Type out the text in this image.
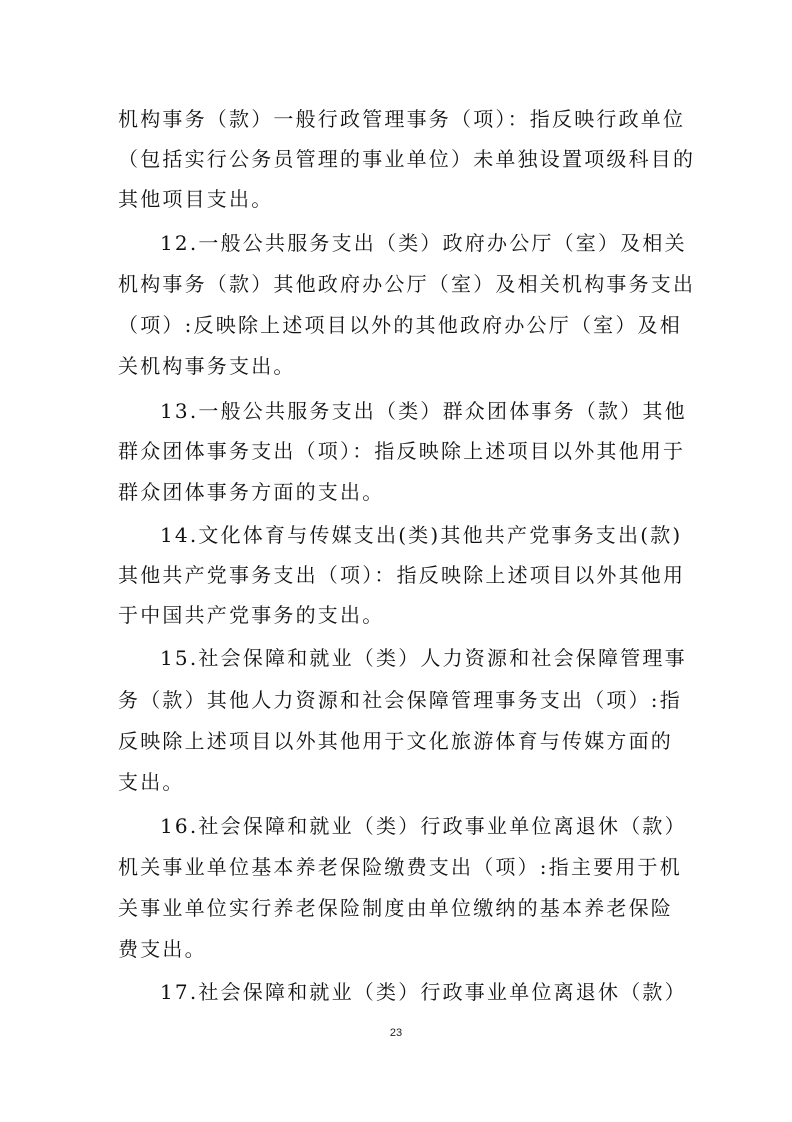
机构事务（款）一般行政管理事务（项）：指反映行政单位
（包括实行公务员管理的事业单位）未单独设置项级科目的
其他项目支出。
12.一般公共服务支出（类）政府办公厅（室）及相关
机构事务（款）其他政府办公厅（室）及相关机构事务支出
（项）:反映除上述项目以外的其他政府办公厅（室）及相
关机构事务支出。
13.一般公共服务支出（类）群众团体事务（款）其他
群众团体事务支出（项）：指反映除上述项目以外其他用于
群众团体事务方面的支出。
14.文化体育与传媒支出(类)其他共产党事务支出(款)
其他共产党事务支出（项）：指反映除上述项目以外其他用
于中国共产党事务的支出。
15.社会保障和就业（类）人力资源和社会保障管理事
务（款）其他人力资源和社会保障管理事务支出（项）:指
反映除上述项目以外其他用于文化旅游体育与传媒方面的
支出。
16.社会保障和就业（类）行政事业单位离退休（款）
机关事业单位基本养老保险缴费支出（项）:指主要用于机
关事业单位实行养老保险制度由单位缴纳的基本养老保险
费支出。
17.社会保障和就业（类）行政事业单位离退休（款）
23
